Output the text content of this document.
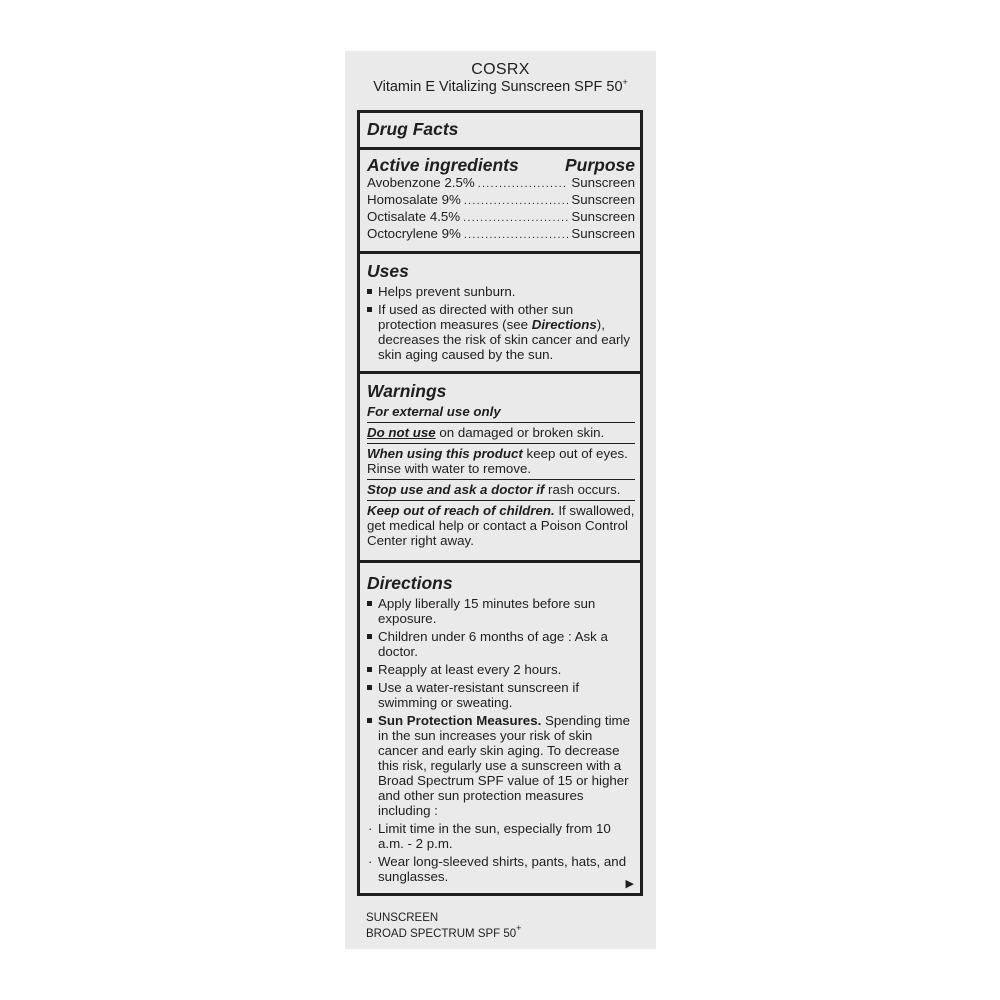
COSRX
Vitamin E Vitalizing Sunscreen SPF 50+
Drug Facts
Active ingredients	Purpose
Avobenzone 2.5% .....	Sunscreen
Homosalate 9% .....	Sunscreen
Octisalate 4.5% .....	Sunscreen
Octocrylene 9% .....	Sunscreen
Uses
Helps prevent sunburn.
If used as directed with other sun protection measures (see Directions), decreases the risk of skin cancer and early skin aging caused by the sun.
Warnings
For external use only
Do not use on damaged or broken skin.
When using this product keep out of eyes. Rinse with water to remove.
Stop use and ask a doctor if rash occurs.
Keep out of reach of children. If swallowed, get medical help or contact a Poison Control Center right away.
Directions
Apply liberally 15 minutes before sun exposure.
Children under 6 months of age : Ask a doctor.
Reapply at least every 2 hours.
Use a water-resistant sunscreen if swimming or sweating.
Sun Protection Measures. Spending time in the sun increases your risk of skin cancer and early skin aging. To decrease this risk, regularly use a sunscreen with a Broad Spectrum SPF value of 15 or higher and other sun protection measures including :
· Limit time in the sun, especially from 10 a.m. - 2 p.m.
· Wear long-sleeved shirts, pants, hats, and sunglasses.	▶
SUNSCREEN
BROAD SPECTRUM SPF 50+
